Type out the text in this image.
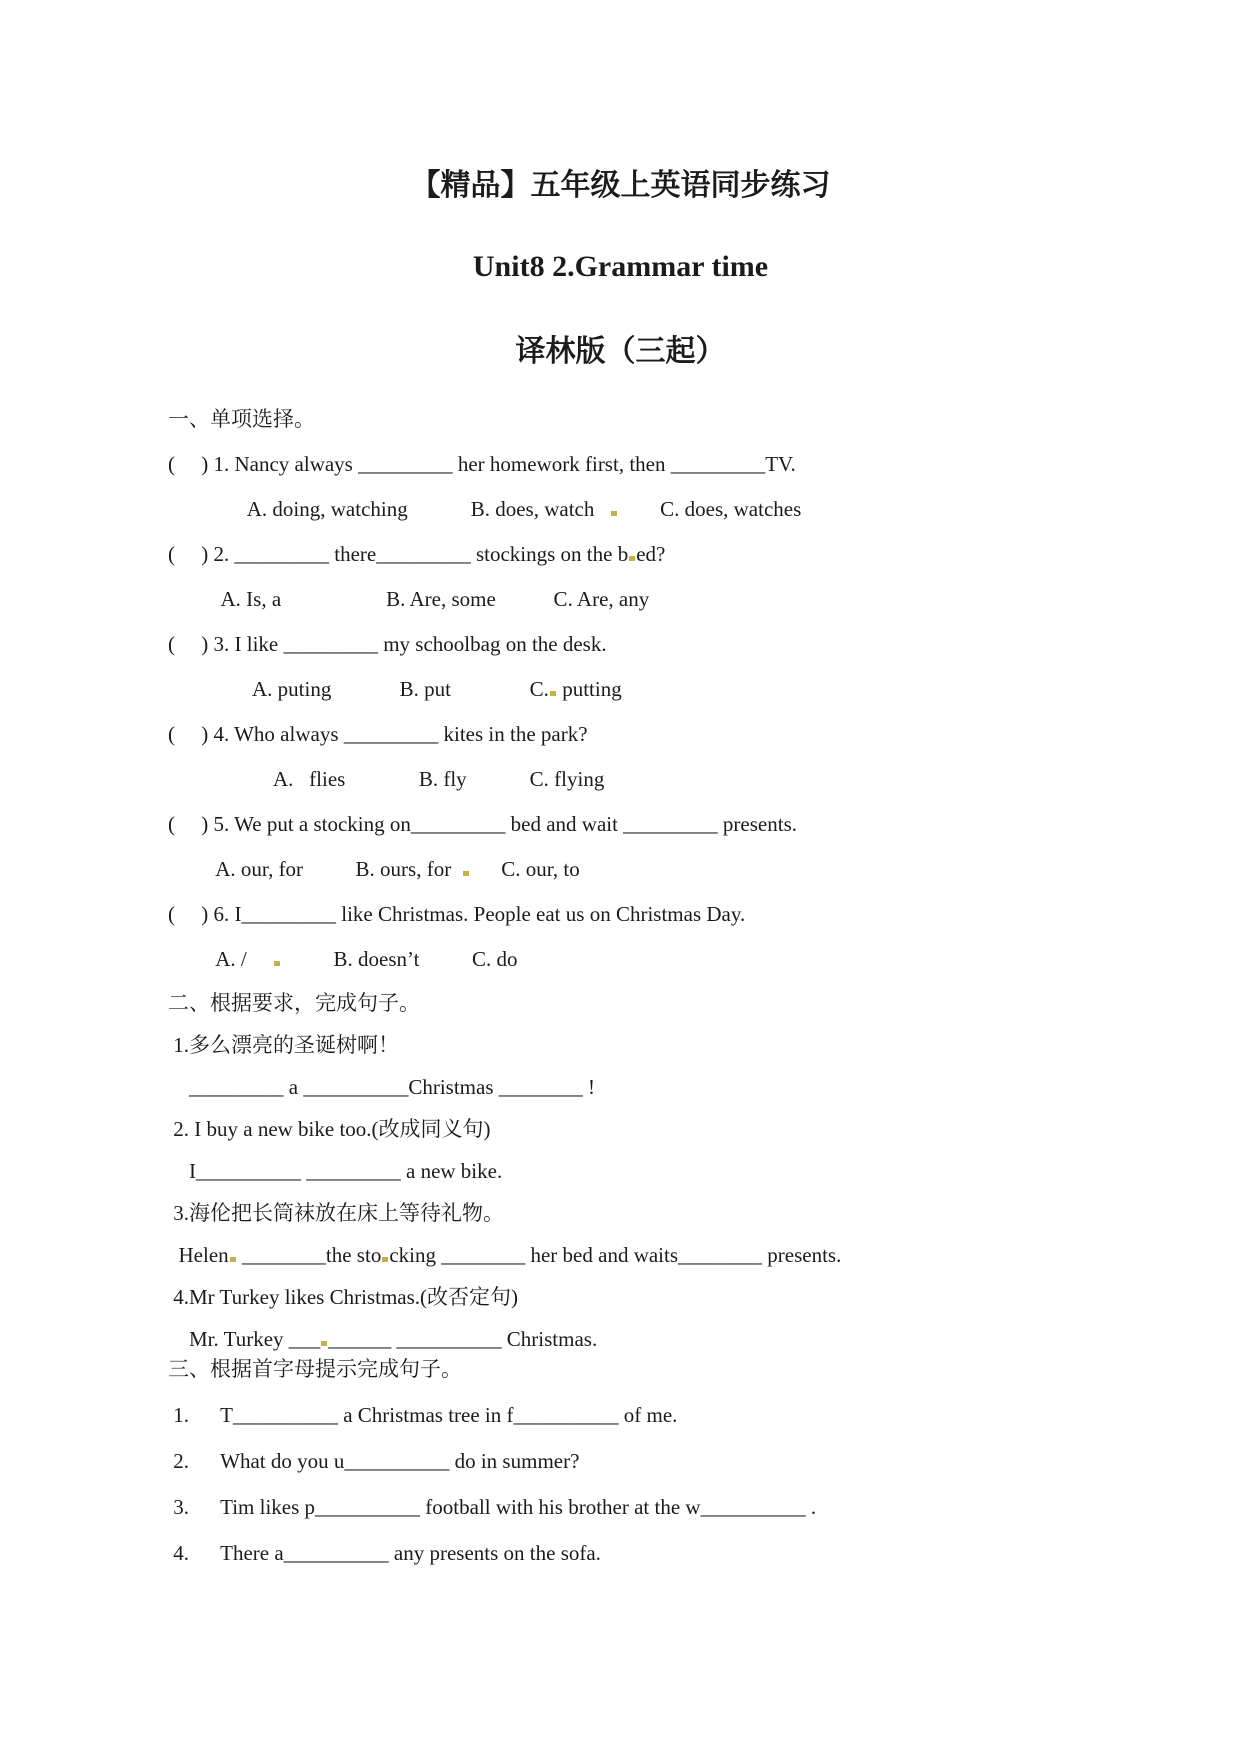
【精品】五年级上英语同步练习
Unit8 2.Grammar time
译林版（三起）
一、单项选择。
(     ) 1. Nancy always _________ her homework first, then _________TV.
A. doing, watching            B. does, watch           C. does, watches
(     ) 2. _________ there_________ stockings on the b ed?
A. Is, a                    B. Are, some           C. Are, any
(     ) 3. I like _________ my schoolbag on the desk.
A. puting             B. put               C. putting
(     ) 4. Who always _________ kites in the park?
A.   flies              B. fly            C. flying
(     ) 5. We put a stocking on_________ bed and wait _________ presents.
A. our, for          B. ours, for        C. our, to
(     ) 6. I_________ like Christmas. People eat us on Christmas Day.
A. /               B. doesn’t          C. do
二、根据要求，完成句子。
1.多么漂亮的圣诞树啊！
_________ a __________Christmas ________ !
2. I buy a new bike too.(改成同义句)
I__________ _________ a new bike.
3.海伦把长筒袜放在床上等待礼物。
Helen ________the sto cking ________ her bed and waits________ presents.
4.Mr Turkey likes Christmas.(改否定句)
Mr. Turkey ___ ______ __________ Christmas.
三、根据首字母提示完成句子。
1.      T__________ a Christmas tree in f__________ of me.
2.      What do you u__________ do in summer?
3.      Tim likes p__________ football with his brother at the w__________ .
4.      There a__________ any presents on the sofa.
